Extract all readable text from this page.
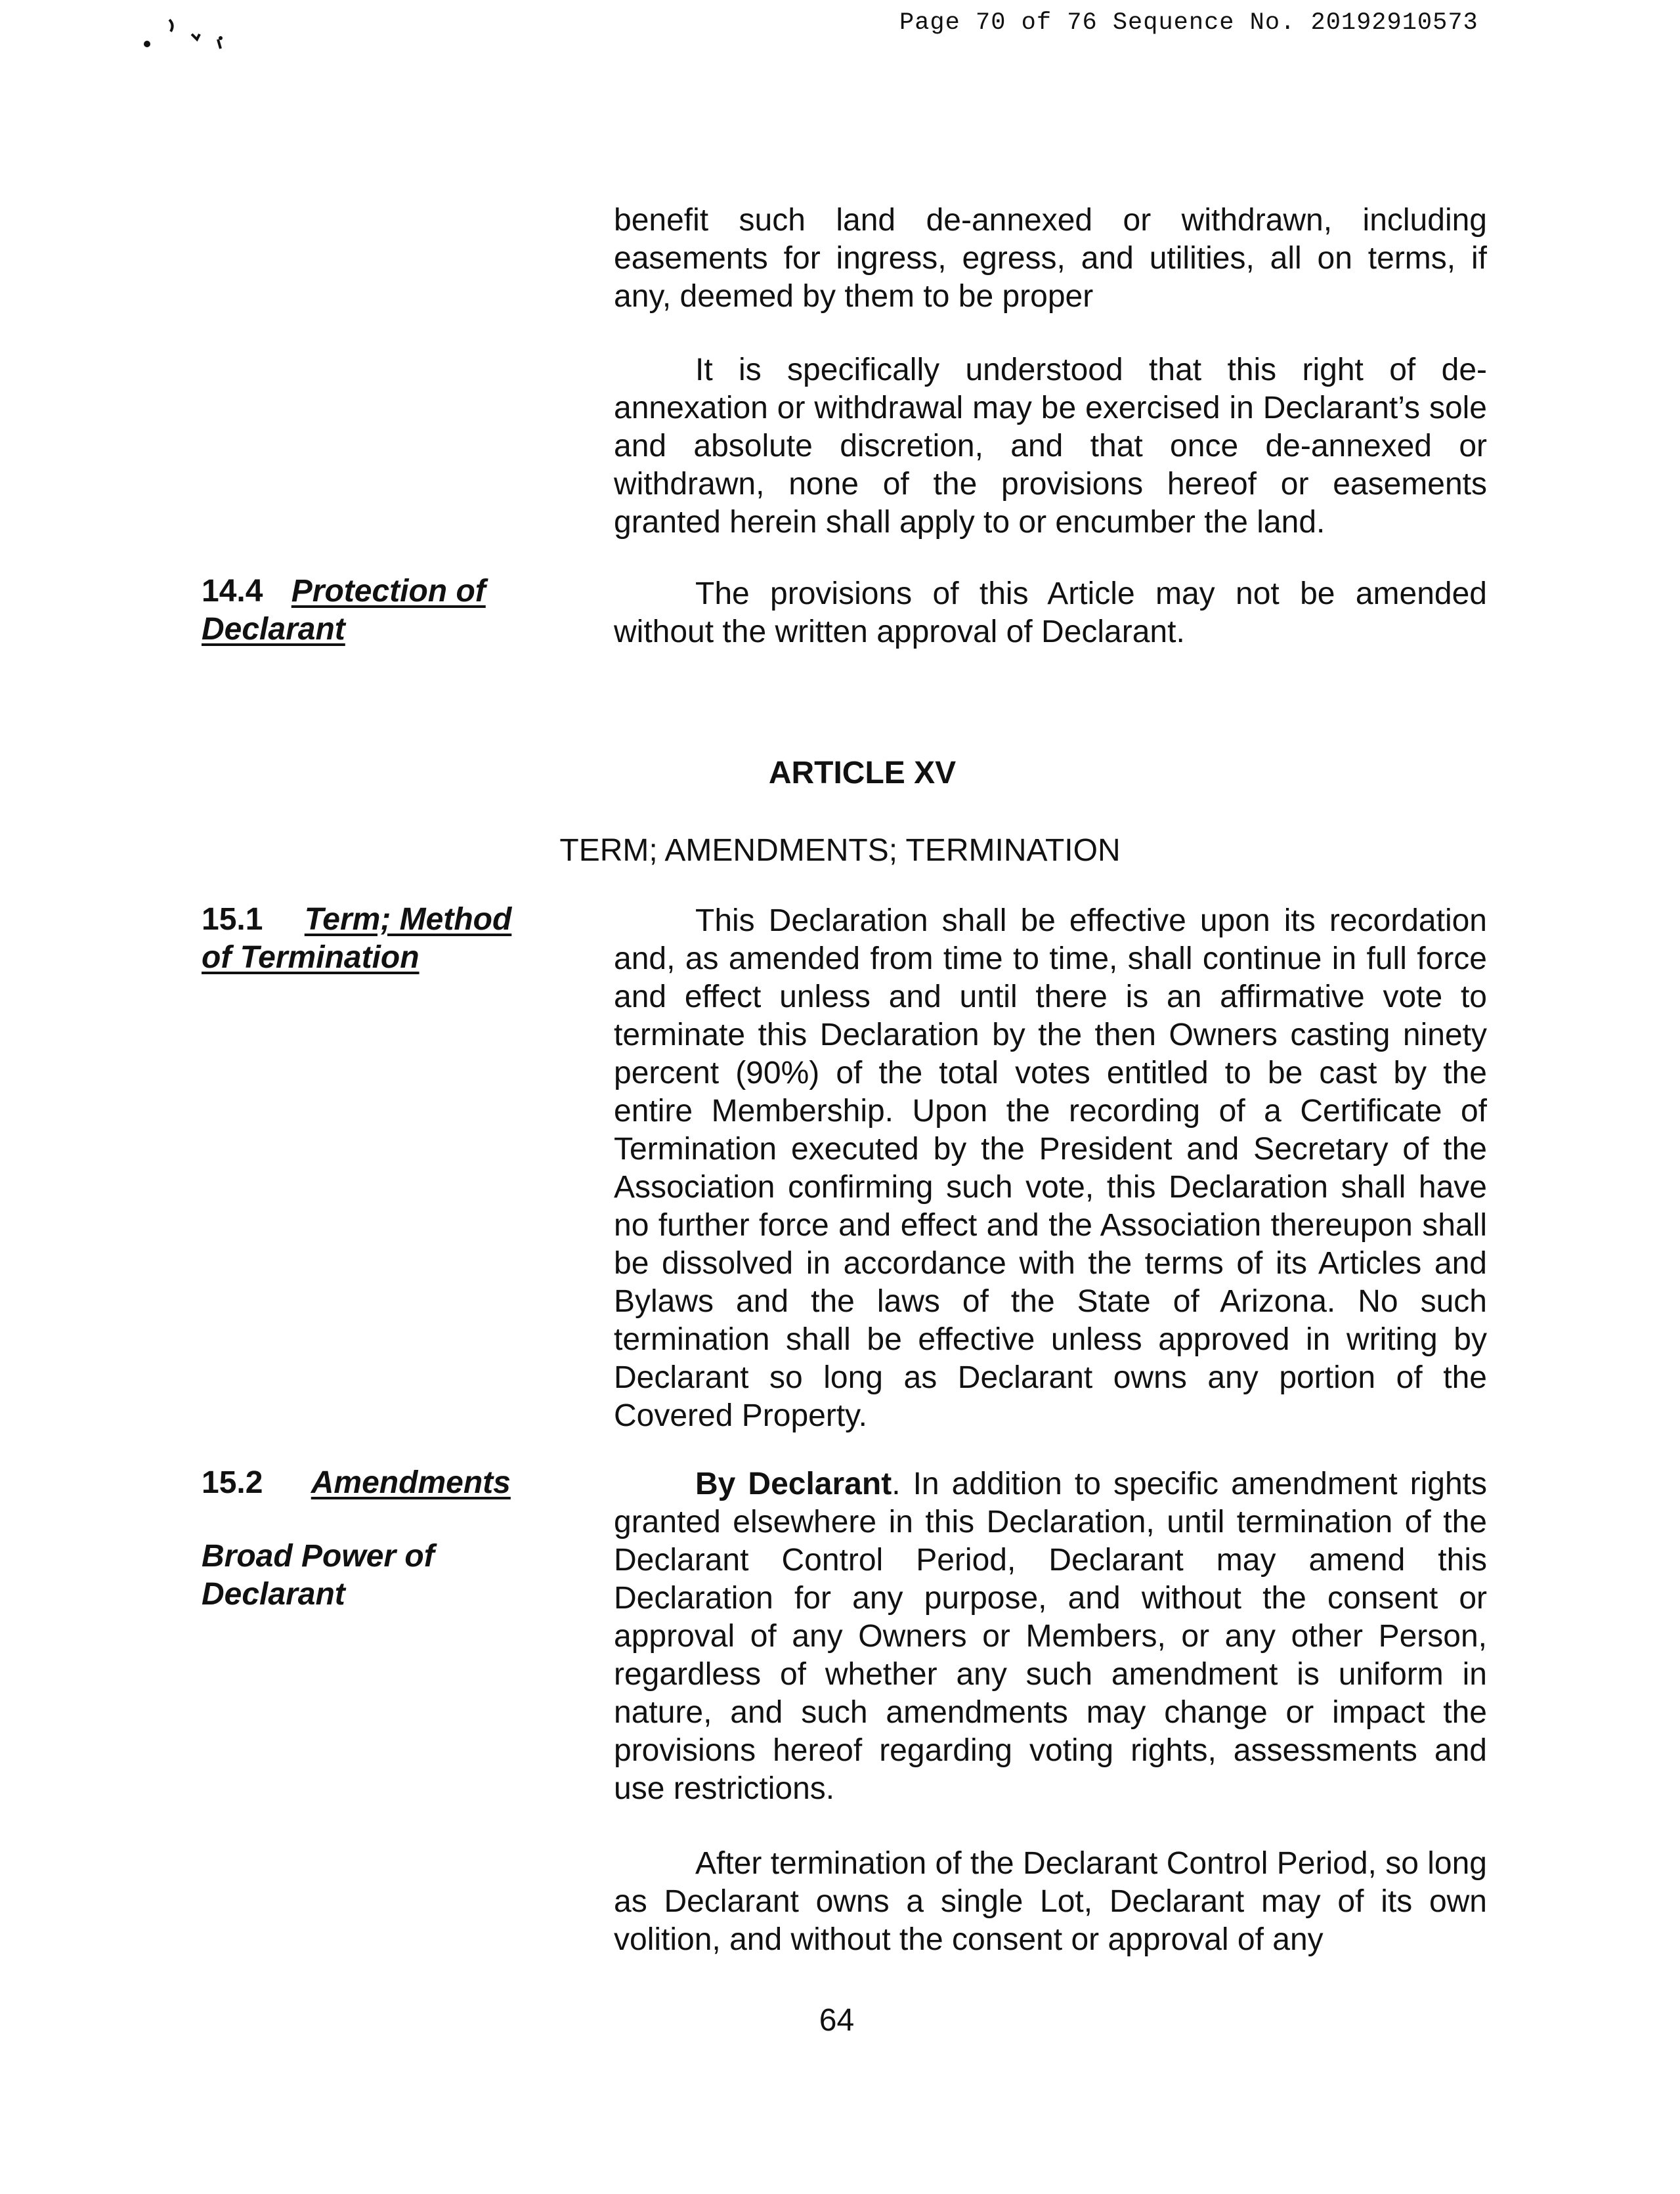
Page 70 of 76 Sequence No. 20192910573

benefit such land de-annexed or withdrawn, including easements for ingress, egress, and utilities, all on terms, if any, deemed by them to be proper

It is specifically understood that this right of de-annexation or withdrawal may be exercised in Declarant’s sole and absolute discretion, and that once de-annexed or withdrawn, none of the provisions hereof or easements granted herein shall apply to or encumber the land.

14.4 Protection of Declarant

The provisions of this Article may not be amended without the written approval of Declarant.

ARTICLE XV
TERM; AMENDMENTS; TERMINATION
15.1 Term; Method of Termination

This Declaration shall be effective upon its recordation and, as amended from time to time, shall continue in full force and effect unless and until there is an affirmative vote to terminate this Declaration by the then Owners casting ninety percent (90%) of the total votes entitled to be cast by the entire Membership. Upon the recording of a Certificate of Termination executed by the President and Secretary of the Association confirming such vote, this Declaration shall have no further force and effect and the Association thereupon shall be dissolved in accordance with the terms of its Articles and Bylaws and the laws of the State of Arizona. No such termination shall be effective unless approved in writing by Declarant so long as Declarant owns any portion of the Covered Property.

15.2 Amendments
Broad Power of Declarant

By Declarant. In addition to specific amendment rights granted elsewhere in this Declaration, until termination of the Declarant Control Period, Declarant may amend this Declaration for any purpose, and without the consent or approval of any Owners or Members, or any other Person, regardless of whether any such amendment is uniform in nature, and such amendments may change or impact the provisions hereof regarding voting rights, assessments and use restrictions.

After termination of the Declarant Control Period, so long as Declarant owns a single Lot, Declarant may of its own volition, and without the consent or approval of any

64
